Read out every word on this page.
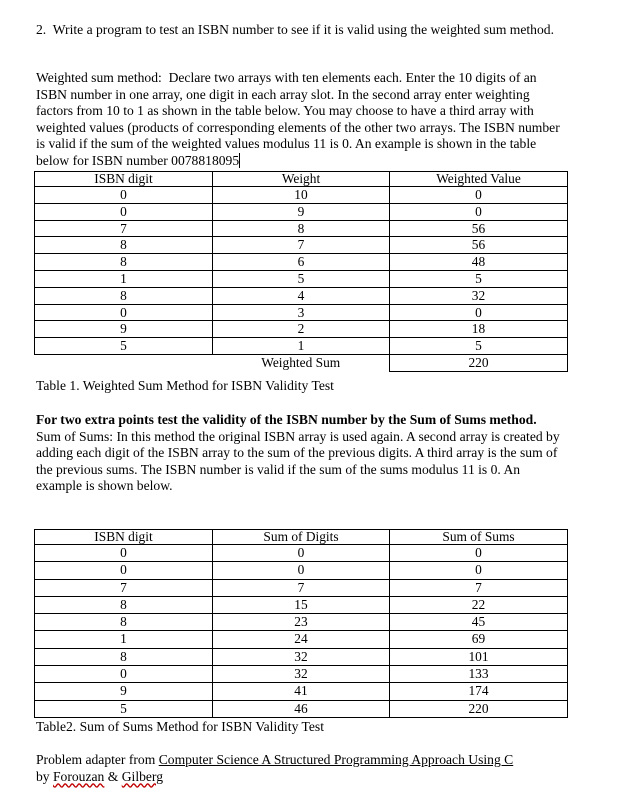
2. Write a program to test an ISBN number to see if it is valid using the weighted sum method.
Weighted sum method: Declare two arrays with ten elements each. Enter the 10 digits of an ISBN number in one array, one digit in each array slot. In the second array enter weighting factors from 10 to 1 as shown in the table below. You may choose to have a third array with weighted values (products of corresponding elements of the other two arrays. The ISBN number is valid if the sum of the weighted values modulus 11 is 0. An example is shown in the table below for ISBN number 0078818095
ISBN digit	Weight	Weighted Value
0	10	0
0	9	0
7	8	56
8	7	56
8	6	48
1	5	5
8	4	32
0	3	0
9	2	18
5	1	5
	Weighted Sum	220
Table 1. Weighted Sum Method for ISBN Validity Test
For two extra points test the validity of the ISBN number by the Sum of Sums method.
Sum of Sums: In this method the original ISBN array is used again. A second array is created by adding each digit of the ISBN array to the sum of the previous digits. A third array is the sum of the previous sums. The ISBN number is valid if the sum of the sums modulus 11 is 0. An example is shown below.
ISBN digit	Sum of Digits	Sum of Sums
0	0	0
0	0	0
7	7	7
8	15	22
8	23	45
1	24	69
8	32	101
0	32	133
9	41	174
5	46	220
Table2. Sum of Sums Method for ISBN Validity Test
Problem adapter from Computer Science A Structured Programming Approach Using C
by Forouzan & Gilberg
